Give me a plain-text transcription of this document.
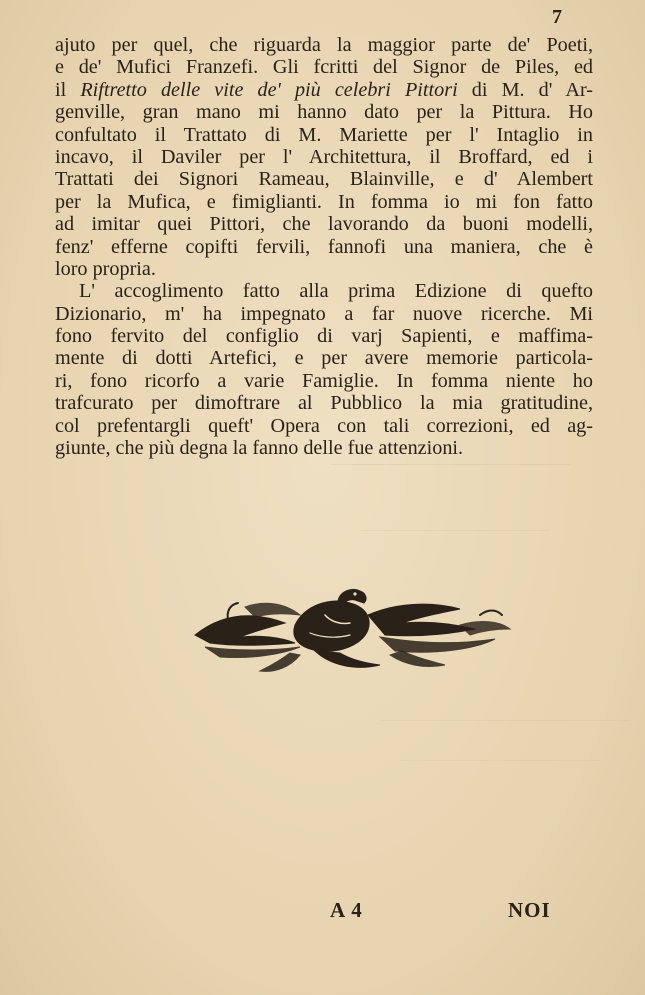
7
ajuto per quel, che riguarda la maggior parte de' Poeti,
e de' Mufici Franzefi. Gli fcritti del Signor de Piles, ed
il Riftretto delle vite de' più celebri Pittori di M. d' Ar-
genville, gran mano mi hanno dato per la Pittura. Ho
confultato il Trattato di M. Mariette per l' Intaglio in
incavo, il Daviler per l' Architettura, il Broffard, ed i
Trattati dei Signori Rameau, Blainville, e d' Alembert
per la Mufica, e fimiglianti. In fomma io mi fon fatto
ad imitar quei Pittori, che lavorando da buoni modelli,
fenz' efferne copifti fervili, fannofi una maniera, che è
loro propria.
L' accoglimento fatto alla prima Edizione di quefto
Dizionario, m' ha impegnato a far nuove ricerche. Mi
fono fervito del configlio di varj Sapienti, e maffima-
mente di dotti Artefici, e per avere memorie particola-
ri, fono ricorfo a varie Famiglie. In fomma niente ho
trafcurato per dimoftrare al Pubblico la mia gratitudine,
col prefentargli queft' Opera con tali correzioni, ed ag-
giunte, che più degna la fanno delle fue attenzioni.
A 4	NOI
